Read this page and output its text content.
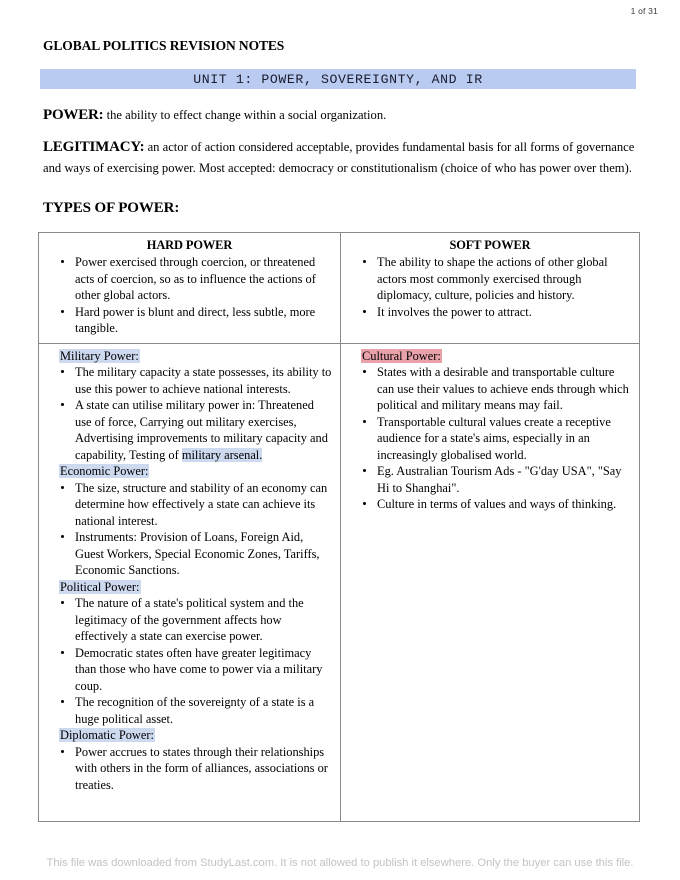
1 of 31
GLOBAL POLITICS REVISION NOTES
UNIT 1: POWER, SOVEREIGNTY, AND IR
POWER: the ability to effect change within a social organization.
LEGITIMACY: an actor of action considered acceptable, provides fundamental basis for all forms of governance and ways of exercising power. Most accepted: democracy or constitutionalism (choice of who has power over them).
TYPES OF POWER:
HARD POWER
Power exercised through coercion, or threatened acts of coercion, so as to influence the actions of other global actors.
Hard power is blunt and direct, less subtle, more tangible.
SOFT POWER
The ability to shape the actions of other global actors most commonly exercised through diplomacy, culture, policies and history.
It involves the power to attract.
Military Power:
The military capacity a state possesses, its ability to use this power to achieve national interests.
A state can utilise military power in: Threatened use of force, Carrying out military exercises, Advertising improvements to military capacity and capability, Testing of military arsenal.
Economic Power:
The size, structure and stability of an economy can determine how effectively a state can achieve its national interest.
Instruments: Provision of Loans, Foreign Aid, Guest Workers, Special Economic Zones, Tariffs, Economic Sanctions.
Political Power:
The nature of a state's political system and the legitimacy of the government affects how effectively a state can exercise power.
Democratic states often have greater legitimacy than those who have come to power via a military coup.
The recognition of the sovereignty of a state is a huge political asset.
Diplomatic Power:
Power accrues to states through their relationships with others in the form of alliances, associations or treaties.
Cultural Power:
States with a desirable and transportable culture can use their values to achieve ends through which political and military means may fail.
Transportable cultural values create a receptive audience for a state's aims, especially in an increasingly globalised world.
Eg. Australian Tourism Ads - "G'day USA", "Say Hi to Shanghai".
Culture in terms of values and ways of thinking.
This file was downloaded from StudyLast.com. It is not allowed to publish it elsewhere. Only the buyer can use this file.
